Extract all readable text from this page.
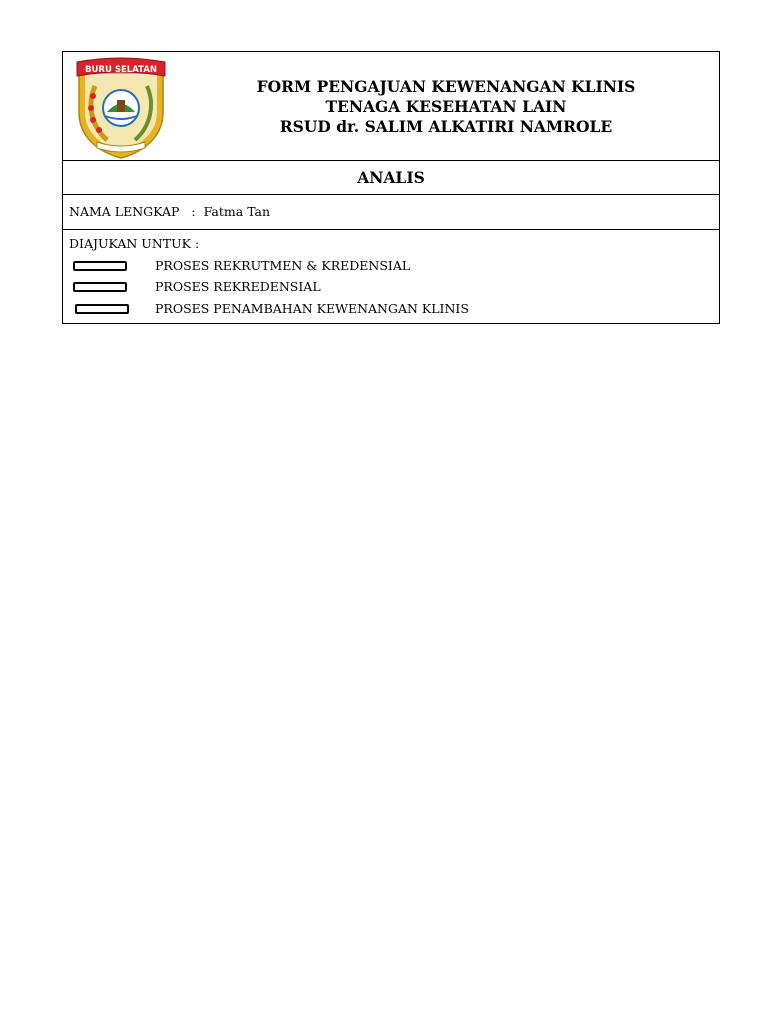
BURU SELATAN
FORM PENGAJUAN KEWENANGAN KLINIS
TENAGA KESEHATAN LAIN
RSUD dr. SALIM ALKATIRI NAMROLE
ANALIS
NAMA LENGKAP : Fatma Tan
DIAJUKAN UNTUK :
PROSES REKRUTMEN & KREDENSIAL
PROSES REKREDENSIAL
PROSES PENAMBAHAN KEWENANGAN KLINIS
